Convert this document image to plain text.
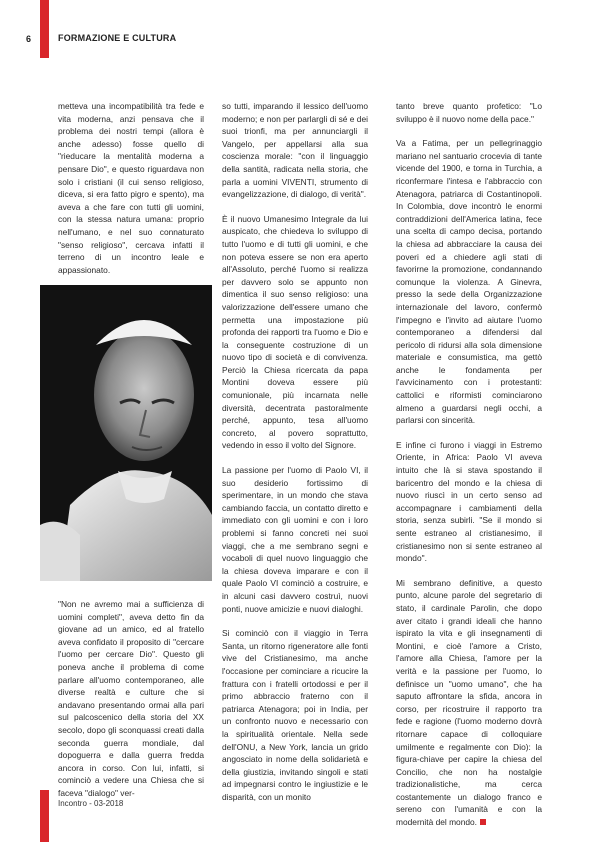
6	FORMAZIONE E CULTURA

metteva una incompatibilità tra fede e vita moderna, anzi pensava che il problema dei nostri tempi (allora è anche adesso) fosse quello di "rieducare la mentalità moderna a pensare Dio", e questo riguardava non solo i cristiani (il cui senso religioso, diceva, si era fatto pigro e spento), ma aveva a che fare con tutti gli uomini, con la stessa natura umana: proprio nell'umano, e nel suo connaturato "senso religioso", cercava infatti il terreno di un incontro leale e appassionato.

"Non ne avremo mai a sufficienza di uomini completi", aveva detto fin da giovane ad un amico, ed al fratello aveva confidato il proposito di "cercare l'uomo per cercare Dio". Questo gli poneva anche il problema di come parlare all'uomo contemporaneo, alle diverse realtà e culture che si andavano presentando ormai alla pari sul palcoscenico della storia del XX secolo, dopo gli sconquassi creati dalla seconda guerra mondiale, dal dopoguerra e dalla guerra fredda ancora in corso. Con lui, infatti, si cominciò a vedere una Chiesa che si faceva "dialogo" ver-

so tutti, imparando il lessico dell'uomo moderno; e non per parlargli di sé e dei suoi trionfi, ma per annunciargli il Vangelo, per appellarsi alla sua coscienza morale: "con il linguaggio della santità, radicata nella storia, che parla a uomini VIVENTI, strumento di evangelizzazione, di dialogo, di verità".

È il nuovo Umanesimo Integrale da lui auspicato, che chiedeva lo sviluppo di tutto l'uomo e di tutti gli uomini, e che non poteva essere se non era aperto all'Assoluto, perché l'uomo si realizza per davvero solo se appunto non dimentica il suo senso religioso: una valorizzazione dell'essere umano che permetta una impostazione più profonda dei rapporti tra l'uomo e Dio e la conseguente costruzione di un nuovo tipo di società e di convivenza. Perciò la Chiesa ricercata da papa Montini doveva essere più comunionale, più incarnata nelle diversità, decentrata pastoralmente perché, appunto, tesa all'uomo concreto, al povero soprattutto, vedendo in esso il volto del Signore.

La passione per l'uomo di Paolo VI, il suo desiderio fortissimo di sperimentare, in un mondo che stava cambiando faccia, un contatto diretto e immediato con gli uomini e con i loro problemi si fanno concreti nei suoi viaggi, che a me sembrano segni e vocaboli di quel nuovo linguaggio che la chiesa doveva imparare e con il quale Paolo VI cominciò a costruire, e in alcuni casi davvero costruì, nuovi ponti, nuove amicizie e nuovi dialoghi.

Si cominciò con il viaggio in Terra Santa, un ritorno rigeneratore alle fonti vive del Cristianesimo, ma anche l'occasione per cominciare a ricucire la frattura con i fratelli ortodossi e per il primo abbraccio fraterno con il patriarca Atenagora; poi in India, per un confronto nuovo e necessario con la spiritualità orientale. Nella sede dell'ONU, a New York, lancia un grido angosciato in nome della solidarietà e della giustizia, invitando singoli e stati ad impegnarsi contro le ingiustizie e le disparità, con un monito

tanto breve quanto profetico: "Lo sviluppo è il nuovo nome della pace."

Va a Fatima, per un pellegrinaggio mariano nel santuario crocevia di tante vicende del 1900, e torna in Turchia, a riconfermare l'intesa e l'abbraccio con Atenagora, patriarca di Costantinopoli. In Colombia, dove incontrò le enormi contraddizioni dell'America latina, fece una scelta di campo decisa, portando la chiesa ad abbracciare la causa dei poveri ed a chiedere agli stati di favorirne la promozione, condannando comunque la violenza. A Ginevra, presso la sede della Organizzazione internazionale del lavoro, confermò l'impegno e l'invito ad aiutare l'uomo contemporaneo a difendersi dal pericolo di ridursi alla sola dimensione materiale e consumistica, ma gettò anche le fondamenta per l'avvicinamento con i protestanti: cattolici e riformisti cominciarono almeno a guardarsi negli occhi, a parlarsi con sincerità.

E infine ci furono i viaggi in Estremo Oriente, in Africa: Paolo VI aveva intuito che là si stava spostando il baricentro del mondo e la chiesa di nuovo riuscì in un certo senso ad accompagnare i cambiamenti della storia, senza subirli. "Se il mondo si sente estraneo al cristianesimo, il cristianesimo non si sente estraneo al mondo".

Mi sembrano definitive, a questo punto, alcune parole del segretario di stato, il cardinale Parolin, che dopo aver citato i grandi ideali che hanno ispirato la vita e gli insegnamenti di Montini, e cioè l'amore a Cristo, l'amore alla Chiesa, l'amore per la verità e la passione per l'uomo, lo definisce un "uomo umano", che ha saputo affrontare la sfida, ancora in corso, per ricostruire il rapporto tra fede e ragione (l'uomo moderno dovrà ritornare capace di colloquiare umilmente e regalmente con Dio): la figura-chiave per capire la chiesa del Concilio, che non ha nostalgie tradizionalistiche, ma cerca costantemente un dialogo franco e sereno con l'umanità e con la modernità del mondo.

Incontro - 03-2018
